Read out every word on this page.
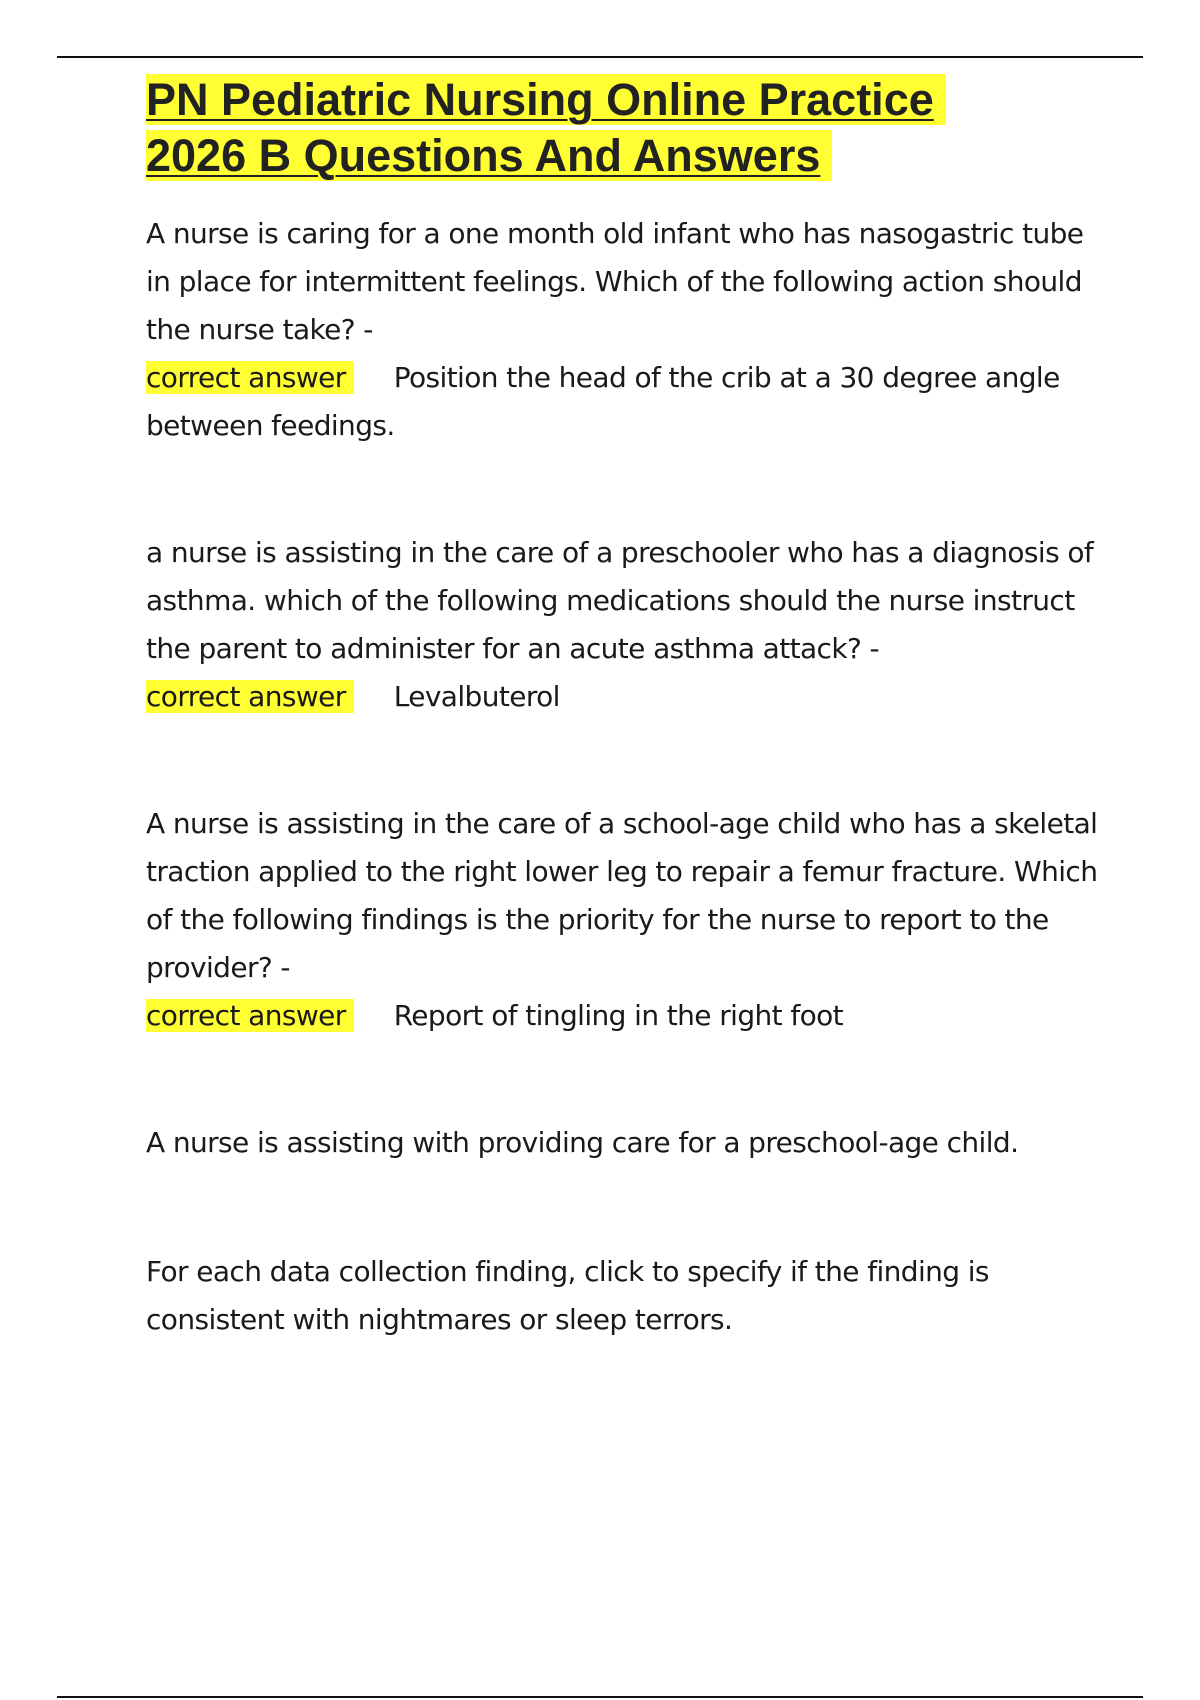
PN Pediatric Nursing Online Practice
2026 B Questions And Answers
A nurse is caring for a one month old infant who has nasogastric tube in place for intermittent feelings. Which of the following action should the nurse take? -
correct answer Position the head of the crib at a 30 degree angle between feedings.
a nurse is assisting in the care of a preschooler who has a diagnosis of asthma. which of the following medications should the nurse instruct the parent to administer for an acute asthma attack? -
correct answer Levalbuterol
A nurse is assisting in the care of a school-age child who has a skeletal traction applied to the right lower leg to repair a femur fracture. Which of the following findings is the priority for the nurse to report to the provider? -
correct answer Report of tingling in the right foot

A nurse is assisting with providing care for a preschool-age child.

For each data collection finding, click to specify if the finding is consistent with nightmares or sleep terrors.
